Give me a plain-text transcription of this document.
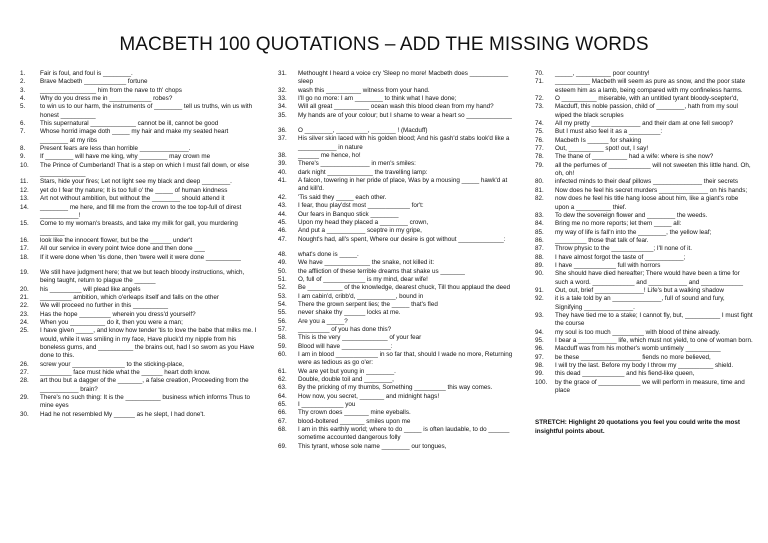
MACBETH 100 QUOTATIONS – ADD THE MISSING WORDS
1.	Fair is foul, and foul is ________.
2.	Brave Macbeth ____________ fortune
3.	________________ him from the nave to th' chops
4.	Why do you dress me in ____________ robes?
5.	to win us to our harm, the instruments of ________ tell us truths, win us with honest __________
6.	This supernatural _____________ cannot be ill, cannot be good
7.	Whose horrid image doth _____ my hair and make my seated heart ________ at my ribs
8.	Present fears are less than horrible ______________.
9.	If ________ will have me king, why ________ may crown me
10.	The Prince of Cumberland! That is a step on which I must fall down, or else _____________
11.	Stars, hide your fires; Let not light see my black and deep ________.
12.	yet do I fear thy nature; It is too full o' the _____ of human kindness
13.	Art not without ambition, but without the ________ should attend it
14.	________ me here, and fill me from the crown to the toe top-full of direst ___________!
15.	Come to my woman's breasts, and take my milk for gall, you murdering _______
16.	look like the innocent flower, but be the ______ under't
17.	All our service in every point twice done and then done ___
18.	If it were done when 'tis done, then 'twere well it were done __________
19.	We still have judgment here; that we but teach bloody instructions, which, being taught, return to plague the ______
20.	his _________ will plead like angels
21.	_________ ambition, which o'erleaps itself and falls on the other
22.	We will proceed no further in this __________
23.	Has the hope _________ wherein you dress'd yourself?
24.	When you __________ do it, then you were a man;
25.	I have given _____, and know how tender 'tis to love the babe that milks me. I would, while it was smiling in my face, Have pluck'd my nipple from his boneless gums, and __________ the brains out, had I so sworn as you Have done to this.
26.	screw your _______________ to the sticking-place,
27.	_________ face must hide what the ______ heart doth know.
28.	art thou but a dagger of the _______, a false creation, Proceeding from the ___________ brain?
29.	There's no such thing: It is the __________ business which informs Thus to mine eyes
30.	Had he not resembled My ______ as he slept, I had done't.
31.	Methought I heard a voice cry 'Sleep no more! Macbeth does ___________ sleep
32.	wash this __________ witness from your hand.
33.	I'll go no more: I am ________ to think what I have done;
34.	Will all great __________ ocean wash this blood clean from my hand?
35.	My hands are of your colour; but I shame to wear a heart so _____________
36.	O ________, _________, _______ ! (Macduff)
37.	His silver skin laced with his golden blood; And his gash'd stabs look'd like a ___________ in nature
38.	______ me hence, ho!
39.	There's ______________ in men's smiles:
40.	dark night _____________ the travelling lamp:
41.	A falcon, towering in her pride of place, Was by a mousing _____ hawk'd at and kill'd.
42.	'Tis said they _____ each other.
43.	I fear, thou play'dst most ____________ for't:
44.	Our fears in Banquo stick ________
45.	Upon my head they placed a ________ crown,
46.	And put a ___________ sceptre in my gripe,
47.	Nought's had, all's spent, Where our desire is got without _____________:
48.	what's done is _____.
49.	We have _____________ the snake, not killed it:
50.	the affliction of these terrible dreams that shake us _______
51.	O, full of ____________ is my mind, dear wife!
52.	Be __________ of the knowledge, dearest chuck, Till thou applaud the deed
53.	I am cabin'd, cribb'd, ___________, bound in
54.	There the grown serpent lies; the _____ that's fled
55.	never shake thy ______ locks at me.
56.	Are you a _____?
57.	_________ of you has done this?
58.	This is the very _____________ of your fear
59.	Blood will have ______________:
60.	I am in blood ____________ in so far that, should I wade no more, Returning were as tedious as go o'er:
61.	We are yet but young in ________.
62.	Double, double toil and ________,
63.	By the pricking of my thumbs, Something _________ this way comes.
64.	How now, you secret, _______ and midnight hags!
65.	I ____________ you
66.	Thy crown does _______ mine eyeballs.
67.	blood-boltered _______ smiles upon me
68.	I am in this earthly world; where to do _____ is often laudable, to do ______ sometime accounted dangerous folly
69.	This tyrant, whose sole name ________ our tongues,
70.	_____, __________ poor country!
71.	__________ Macbeth will seem as pure as snow, and the poor state esteem him as a lamb, being compared with my confineless harms.
72.	O __________ miserable, with an untitled tyrant bloody-scepter'd,
73.	Macduff, this noble passion, child of ________, hath from my soul wiped the black scruples
74.	All my pretty ______________ and their dam at one fell swoop?
75.	But I must also feel it as a _________:
76.	Macbeth Is ______ for shaking
77.	Out, __________ spot! out, I say!
78.	The thane of __________ had a wife: where is she now?
79.	all the perfumes of ____________ will not sweeten this little hand. Oh, oh, oh!
80.	infected minds to their deaf pillows ______________ their secrets
81.	Now does he feel his secret murders ______________ on his hands;
82.	now does he feel his title hang loose about him, like a giant's robe upon a __________ thief.
83.	To dew the sovereign flower and ________ the weeds.
84.	Bring me no more reports; let them _____ all:
85.	my way of life is fall'n into the ________, the yellow leaf;
86.	_________ those that talk of fear.
87.	Throw physic to the ____________; I'll none of it.
88.	I have almost forgot the taste of ___________;
89.	I have ____________ full with horrors
90.	She should have died hereafter; There would have been a time for such a word. ____________ and ___________ and ____________
91.	Out, out, brief ______________! Life's but a walking shadow
92.	it is a tale told by an ______________, full of sound and fury, Signifying ______________.
93.	They have tied me to a stake; I cannot fly, but, __________ I must fight the course
94.	my soul is too much _________ with blood of thine already.
95.	I bear a ___________ life, which must not yield, to one of woman born.
96.	Macduff was from his mother's womb untimely __________
97.	be these _________________ fiends no more believed,
98.	I will try the last. Before my body I throw my __________ shield.
99.	this dead ____________ and his fiend-like queen,
100.	by the grace of ____________ we will perform in measure, time and place
STRETCH: Highlight 20 quotations you feel you could write the most insightful points about.
